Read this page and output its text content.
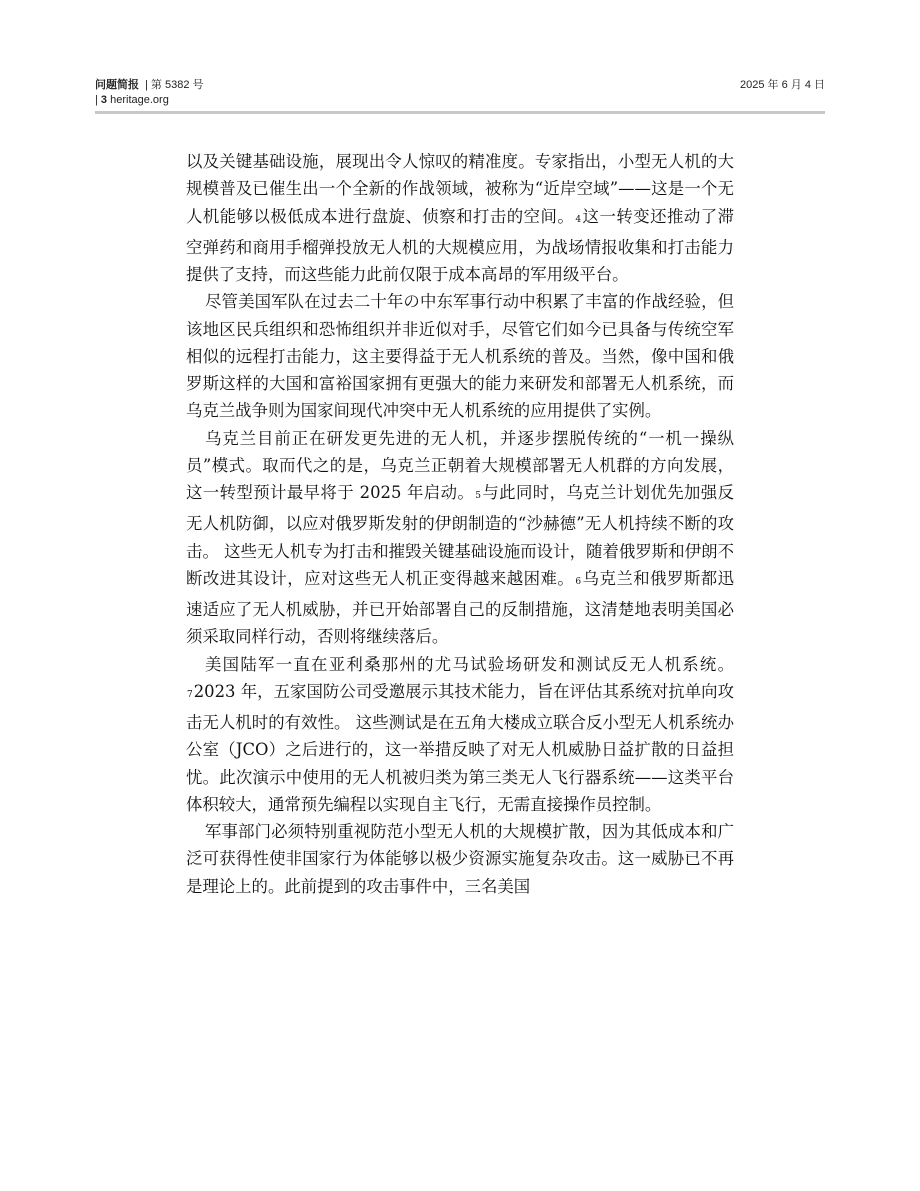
问题简报 | 第 5382 号
| 3 heritage.org
2025 年 6 月 4 日

以及关键基础设施，展现出令人惊叹的精准度。专家指出，小型无人机的大规模普及已催生出一个全新的作战领域，被称为“近岸空域”——这是一个无人机能够以极低成本进行盘旋、侦察和打击的空间。4这一转变还推动了滞空弹药和商用手榴弹投放无人机的大规模应用，为战场情报收集和打击能力提供了支持，而这些能力此前仅限于成本高昂的军用级平台。

尽管美国军队在过去二十年の中东军事行动中积累了丰富的作战经验，但该地区民兵组织和恐怖组织并非近似对手，尽管它们如今已具备与传统空军相似的远程打击能力，这主要得益于无人机系统的普及。当然，像中国和俄罗斯这样的大国和富裕国家拥有更强大的能力来研发和部署无人机系统，而乌克兰战争则为国家间现代冲突中无人机系统的应用提供了实例。

乌克兰目前正在研发更先进的无人机，并逐步摆脱传统的“一机一操纵员”模式。取而代之的是，乌克兰正朝着大规模部署无人机群的方向发展，这一转型预计最早将于 2025 年启动。5与此同时，乌克兰计划优先加强反无人机防御，以应对俄罗斯发射的伊朗制造的“沙赫德”无人机持续不断的攻击。 这些无人机专为打击和摧毁关键基础设施而设计，随着俄罗斯和伊朗不断改进其设计，应对这些无人机正变得越来越困难。6乌克兰和俄罗斯都迅速适应了无人机威胁，并已开始部署自己的反制措施，这清楚地表明美国必须采取同样行动，否则将继续落后。

美国陆军一直在亚利桑那州的尤马试验场研发和测试反无人机系统。72023 年，五家国防公司受邀展示其技术能力，旨在评估其系统对抗单向攻击无人机时的有效性。 这些测试是在五角大楼成立联合反小型无人机系统办公室（JCO）之后进行的，这一举措反映了对无人机威胁日益扩散的日益担忧。此次演示中使用的无人机被归类为第三类无人飞行器系统——这类平台体积较大，通常预先编程以实现自主飞行，无需直接操作员控制。

军事部门必须特别重视防范小型无人机的大规模扩散，因为其低成本和广泛可获得性使非国家行为体能够以极少资源实施复杂攻击。这一威胁已不再是理论上的。此前提到的攻击事件中，三名美国
